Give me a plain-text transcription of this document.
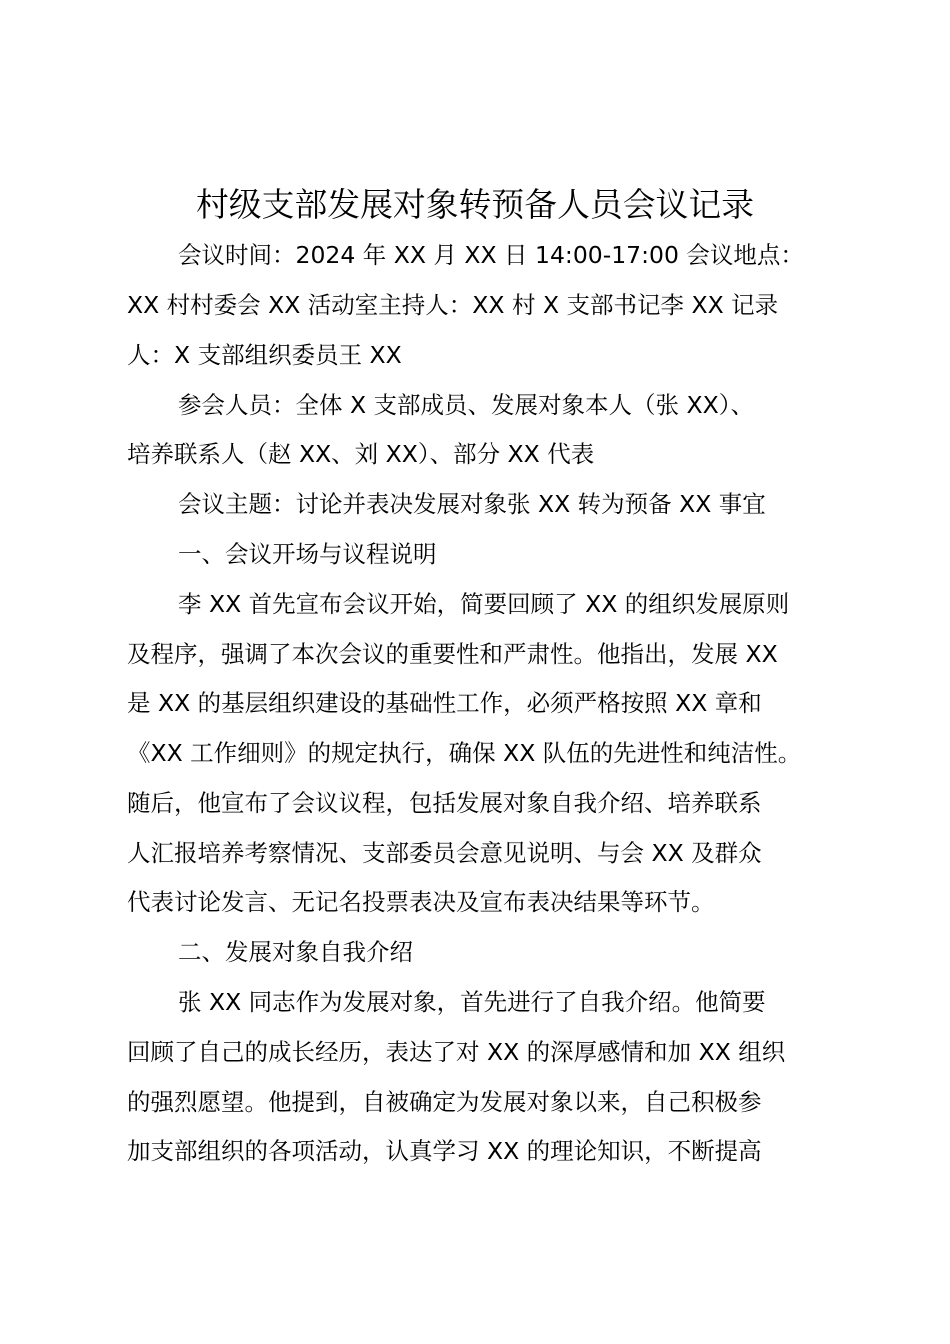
村级支部发展对象转预备人员会议记录
会议时间：2024 年 XX 月 XX 日 14:00-17:00 会议地点：
XX 村村委会 XX 活动室主持人：XX 村 X 支部书记李 XX 记录
人：X 支部组织委员王 XX
参会人员：全体 X 支部成员、发展对象本人（张 XX）、
培养联系人（赵 XX、刘 XX）、部分 XX 代表
会议主题：讨论并表决发展对象张 XX 转为预备 XX 事宜
一、会议开场与议程说明
李 XX 首先宣布会议开始，简要回顾了 XX 的组织发展原则
及程序，强调了本次会议的重要性和严肃性。他指出，发展 XX
是 XX 的基层组织建设的基础性工作，必须严格按照 XX 章和
《XX 工作细则》的规定执行，确保 XX 队伍的先进性和纯洁性。
随后，他宣布了会议议程，包括发展对象自我介绍、培养联系
人汇报培养考察情况、支部委员会意见说明、与会 XX 及群众
代表讨论发言、无记名投票表决及宣布表决结果等环节。
二、发展对象自我介绍
张 XX 同志作为发展对象，首先进行了自我介绍。他简要
回顾了自己的成长经历，表达了对 XX 的深厚感情和加 XX 组织
的强烈愿望。他提到，自被确定为发展对象以来，自己积极参
加支部组织的各项活动，认真学习 XX 的理论知识，不断提高
